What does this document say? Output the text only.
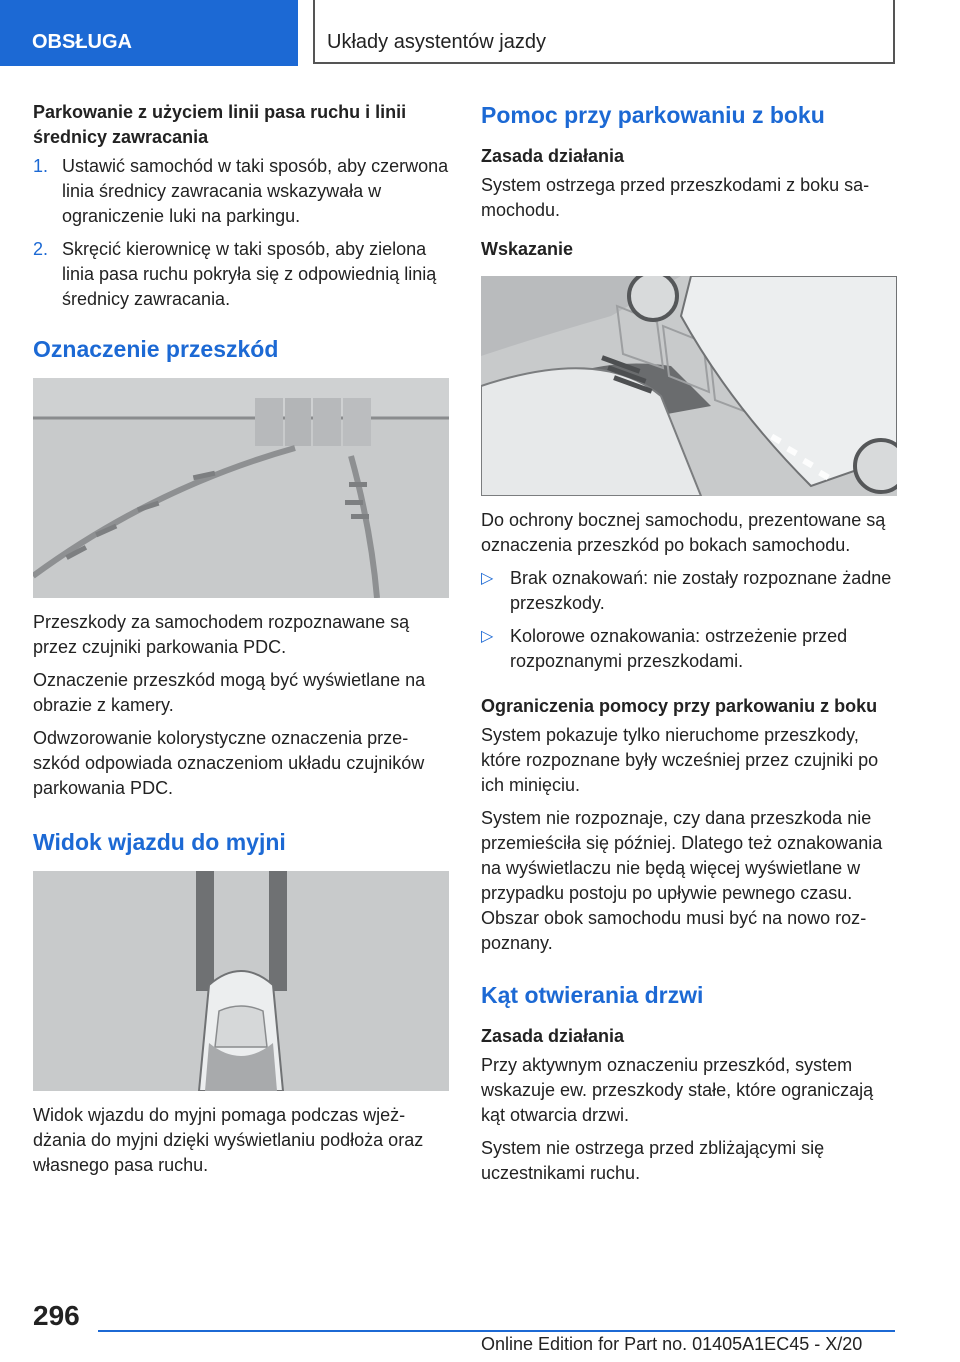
OBSŁUGA	Układy asystentów jazdy
Parkowanie z użyciem linii pasa ruchu i linii średnicy zawracania
1. Ustawić samochód w taki sposób, aby czerwona linia średnicy zawracania wskazywała w ograniczenie luki na parkingu.
2. Skręcić kierownicę w taki sposób, aby zielona linia pasa ruchu pokryła się z odpowiednią linią średnicy zawracania.
Oznaczenie przeszkód

Przeszkody za samochodem rozpoznawane są przez czujniki parkowania PDC.

Oznaczenie przeszkód mogą być wyświetlane na obrazie z kamery.

Odwzorowanie kolorystyczne oznaczenia przeszkód odpowiada oznaczeniom układu czujników parkowania PDC.

Widok wjazdu do myjni

Widok wjazdu do myjni pomaga podczas wjeżdżania do myjni dzięki wyświetlaniu podłoża oraz własnego pasa ruchu.

Pomoc przy parkowaniu z boku
Zasada działania

System ostrzega przed przeszkodami z boku samochodu.

Wskazanie

Do ochrony bocznej samochodu, prezentowane są oznaczenia przeszkód po bokach samochodu.

▷ Brak oznakowań: nie zostały rozpoznane żadne przeszkody.
▷ Kolorowe oznakowania: ostrzeżenie przed rozpoznanymi przeszkodami.
Ograniczenia pomocy przy parkowaniu z boku

System pokazuje tylko nieruchome przeszkody, które rozpoznane były wcześniej przez czujniki po ich minięciu.

System nie rozpoznaje, czy dana przeszkoda nie przemieściła się później. Dlatego też oznakowania na wyświetlaczu nie będą więcej wyświetlane w przypadku postoju po upływie pewnego czasu. Obszar obok samochodu musi być na nowo rozpoznany.

Kąt otwierania drzwi
Zasada działania

Przy aktywnym oznaczeniu przeszkód, system wskazuje ew. przeszkody stałe, które ograniczają kąt otwarcia drzwi.

System nie ostrzega przed zbliżającymi się uczestnikami ruchu.

296
Online Edition for Part no. 01405A1EC45 - X/20
